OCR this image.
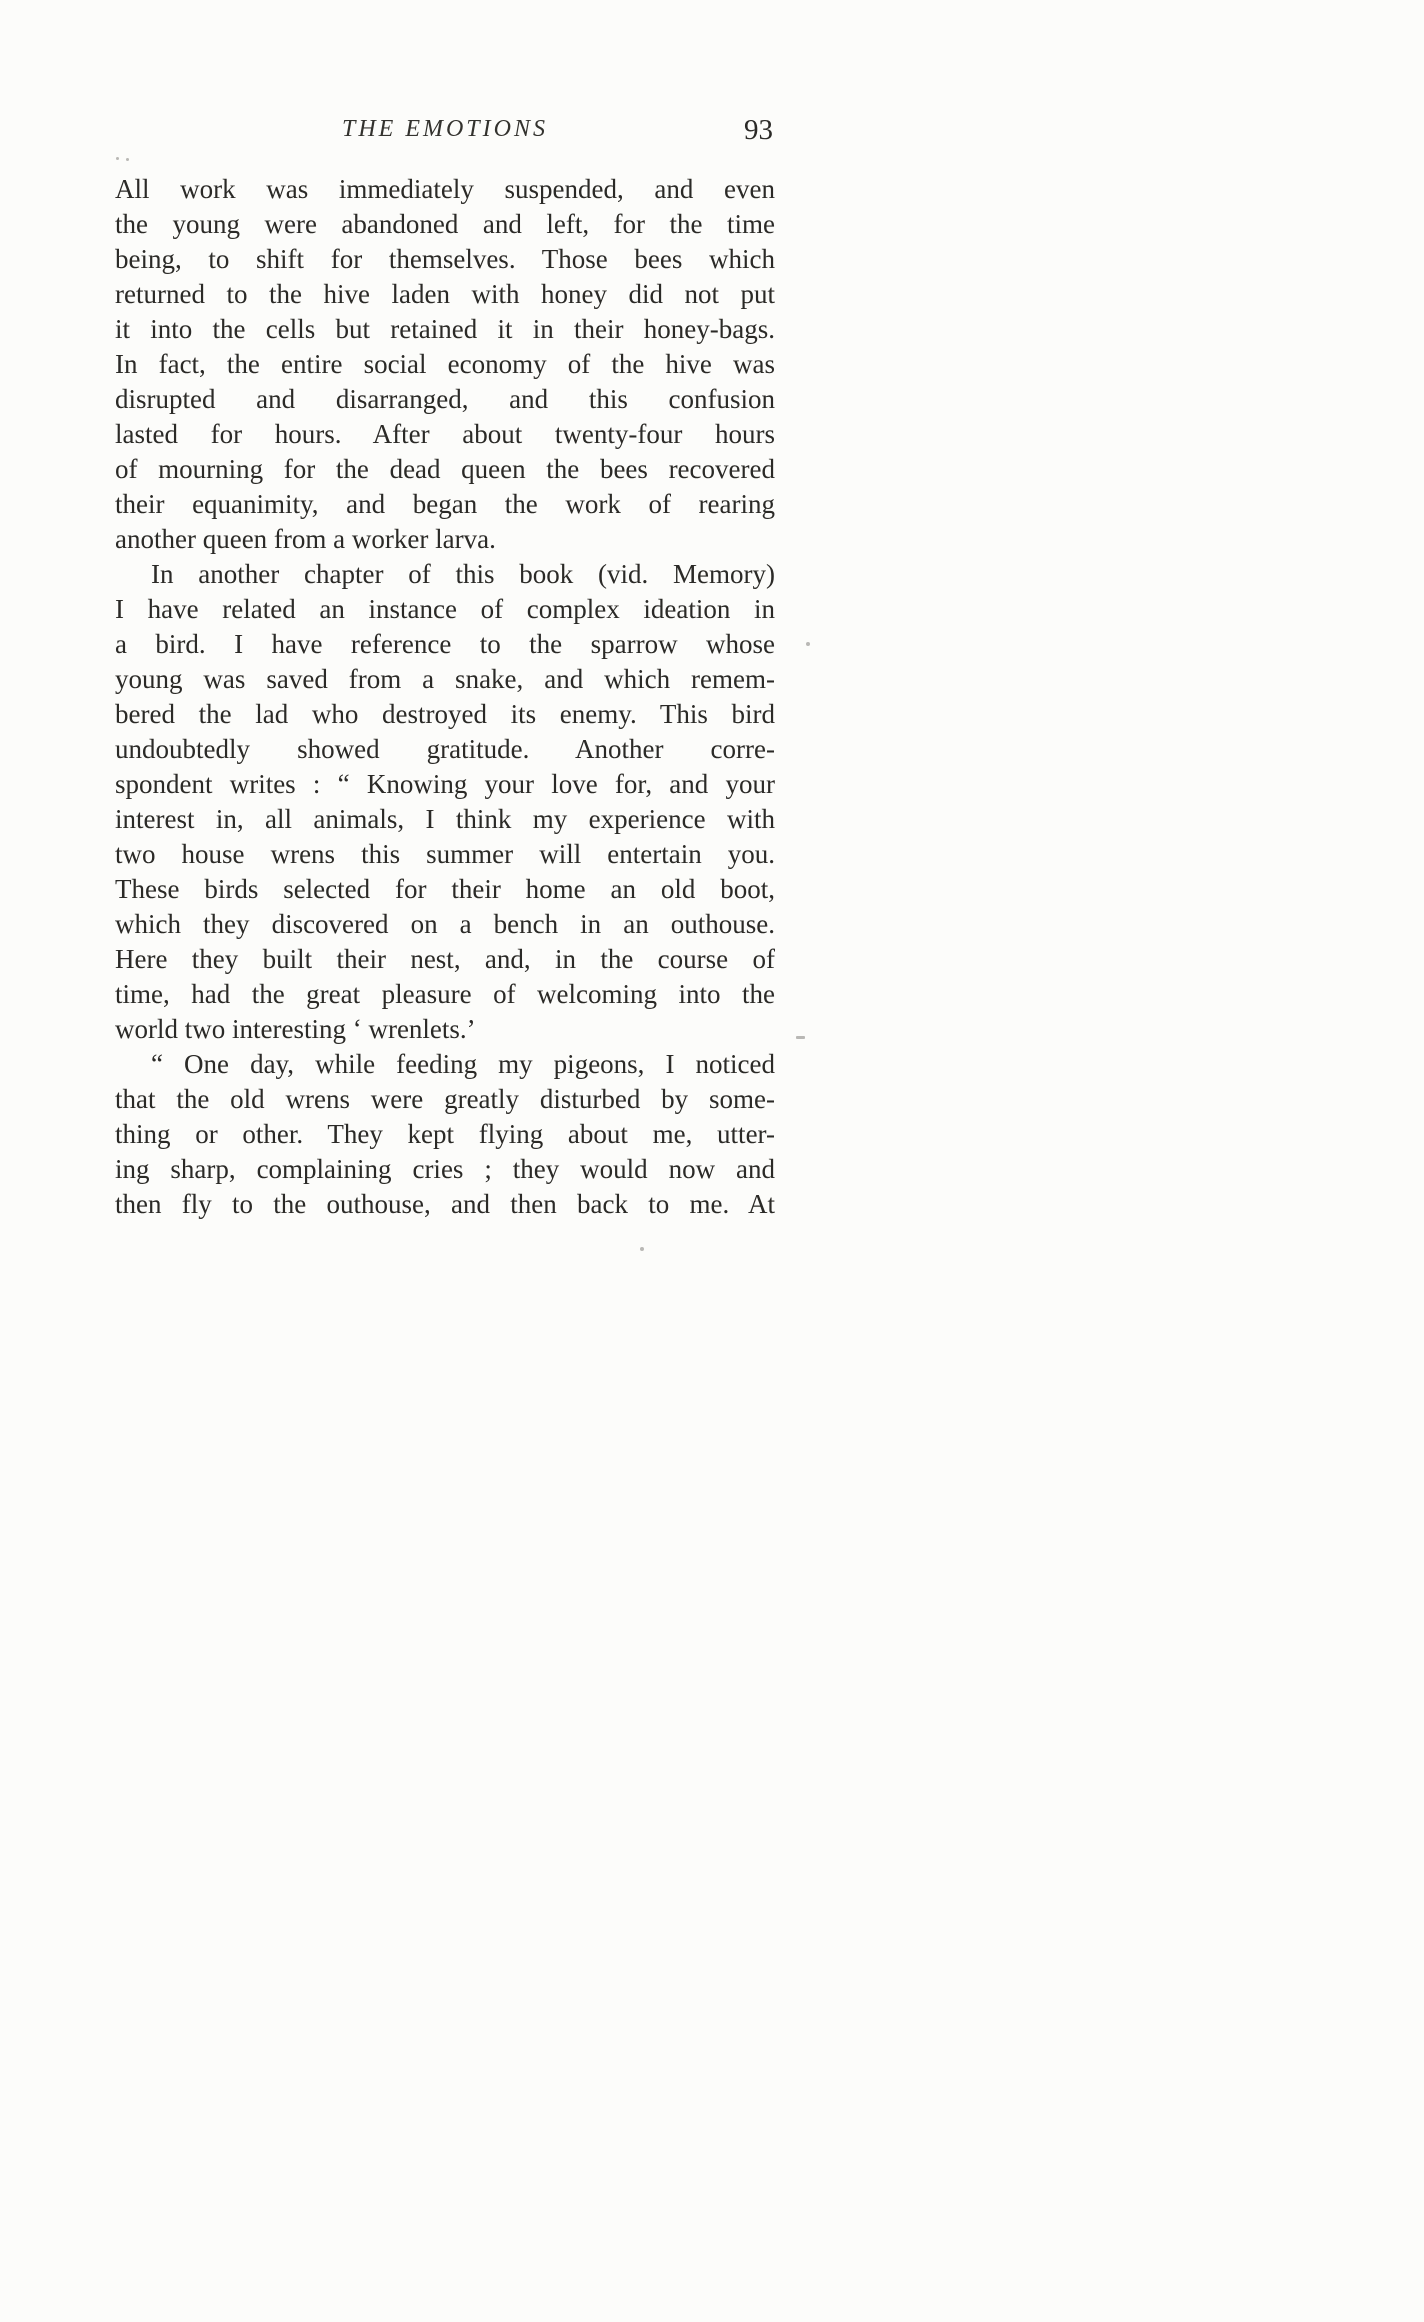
THE EMOTIONS	93
All work was immediately suspended, and even
the young were abandoned and left, for the time
being, to shift for themselves. Those bees which
returned to the hive laden with honey did not put
it into the cells but retained it in their honey-bags.
In fact, the entire social economy of the hive was
disrupted and disarranged, and this confusion
lasted for hours. After about twenty-four hours
of mourning for the dead queen the bees recovered
their equanimity, and began the work of rearing
another queen from a worker larva.
In another chapter of this book (vid. Memory)
I have related an instance of complex ideation in
a bird. I have reference to the sparrow whose
young was saved from a snake, and which remem-
bered the lad who destroyed its enemy. This bird
undoubtedly showed gratitude. Another corre-
spondent writes : “ Knowing your love for, and your
interest in, all animals, I think my experience with
two house wrens this summer will entertain you.
These birds selected for their home an old boot,
which they discovered on a bench in an outhouse.
Here they built their nest, and, in the course of
time, had the great pleasure of welcoming into the
world two interesting ‘ wrenlets.’
“ One day, while feeding my pigeons, I noticed
that the old wrens were greatly disturbed by some-
thing or other. They kept flying about me, utter-
ing sharp, complaining cries ; they would now and
then fly to the outhouse, and then back to me. At
